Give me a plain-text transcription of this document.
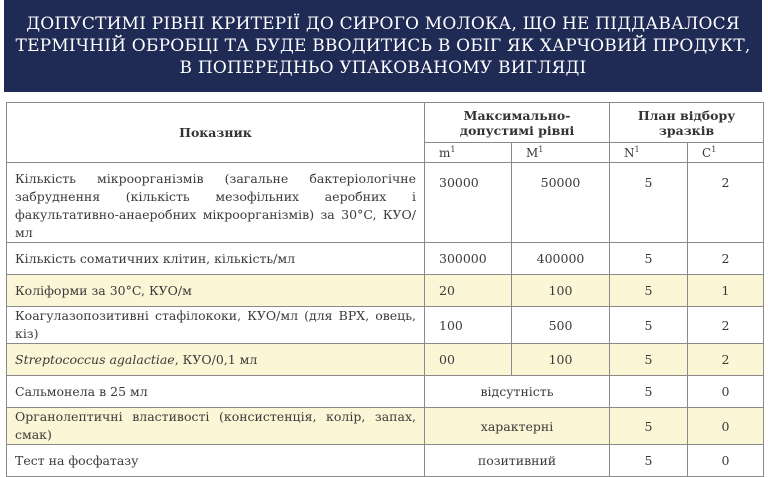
ДОПУСТИМІ РІВНІ КРИТЕРІЇ ДО СИРОГО МОЛОКА, ЩО НЕ ПІДДАВАЛОСЯ
ТЕРМІЧНІЙ ОБРОБЦІ ТА БУДЕ ВВОДИТИСЬ В ОБІГ ЯК ХАРЧОВИЙ ПРОДУКТ,
В ПОПЕРЕДНЬО УПАКОВАНОМУ ВИГЛЯДІ
Показник	Максимально-допустимі рівні		План відбору зразків	
	$m^1$	$M^1$	$N^1$	$C^1$
Кількість мікроорганізмів (загальне бактеріологічне забруднення (кількість мезофільних аеробних і факультативно-анаеробних мікроорганізмів) за 30°C, КУО/мл	30000	50000	5	2
Кількість соматичних клітин, кількість/мл	300000	400000	5	2
Коліформи за 30°C, КУО/м	20	100	5	1
Коагулазопозитивні стафілококи, КУО/мл (для ВРХ, овець, кіз)	100	500	5	2
Streptococcus agalactiae, КУО/0,1 мл	00	100	5	2
Сальмонела в 25 мл	відсутність		5	0
Органолептичні властивості (консистенція, колір, запах, смак)	характерні		5	0
Тест на фосфатазу	позитивний		5	0
